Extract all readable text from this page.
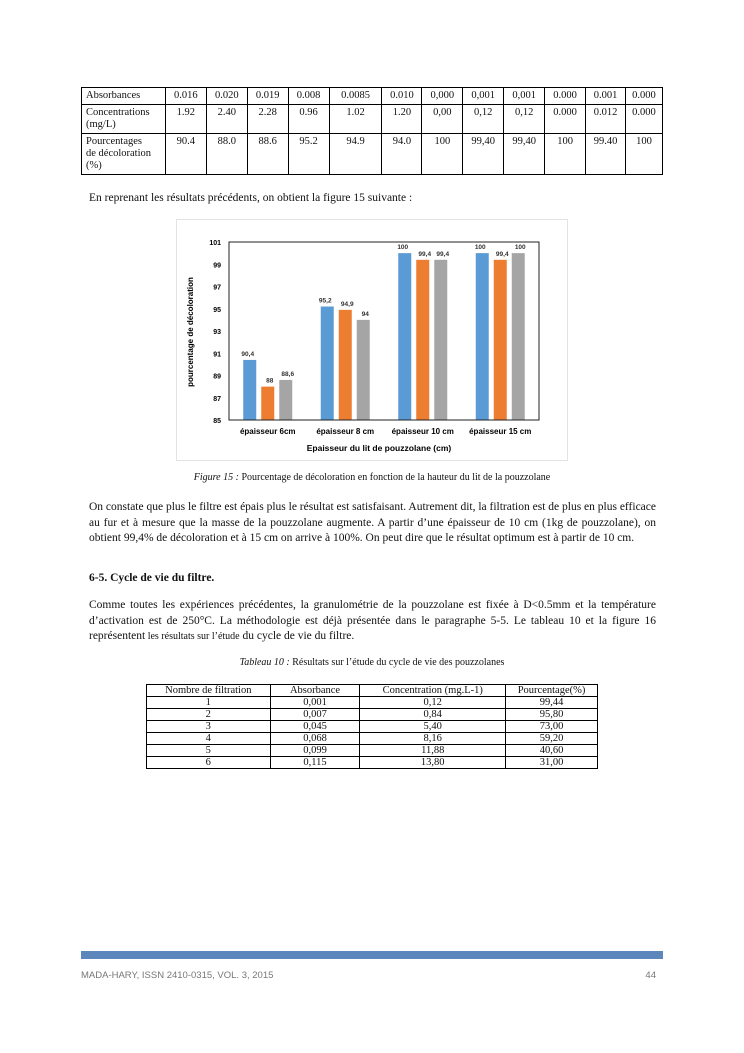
Absorbances	0.016	0.020	0.019	0.008	0.0085	0.010	0,000	0,001	0,001	0.000	0.001	0.000
Concentrations
(mg/L)	1.92	2.40	2.28	0.96	1.02	1.20	0,00	0,12	0,12	0.000	0.012	0.000
Pourcentages
de décoloration
(%)	90.4	88.0	88.6	95.2	94.9	94.0	100	99,40	99,40	100	99.40	100

En reprenant les résultats précédents, on obtient la figure 15 suivante :

90,4
88
88,6
95,2 94,9
94
100
99,4 99,4
100
99,4
100
85
87
89
91
93
95
97
99
101
épaisseur 6cm	épaisseur 8 cm épaisseur 10 cm épaisseur 15 cm
pourcentage de décoloration
Epaisseur du lit de pouzzolane (cm)

Figure 15 : Pourcentage de décoloration en fonction de la hauteur du lit de la pouzzolane

On constate que plus le filtre est épais plus le résultat est satisfaisant. Autrement dit, la filtration est de plus en plus efficace au fur et à mesure que la masse de la pouzzolane augmente. A partir d’une épaisseur de 10 cm (1kg de pouzzolane), on obtient 99,4% de décoloration et à 15 cm on arrive à 100%. On peut dire que le résultat optimum est à partir de 10 cm.

6-5. Cycle de vie du filtre.

Comme toutes les expériences précédentes, la granulométrie de la pouzzolane est fixée à D<0.5mm et la température d’activation est de 250°C. La méthodologie est déjà présentée dans le paragraphe 5-5. Le tableau 10 et la figure 16 représentent les résultats sur l’étude du cycle de vie du filtre.

Tableau 10 : Résultats sur l’étude du cycle de vie des pouzzolanes

Nombre de filtration	Absorbance	Concentration (mg.L-1)	Pourcentage(%)
1	0,001	0,12	99,44
2	0,007	0,84	95,80
3	0,045	5,40	73,00
4	0,068	8,16	59,20
5	0,099	11,88	40,60
6	0,115	13,80	31,00
MADA-HARY, ISSN 2410-0315, VOL. 3, 2015	44
